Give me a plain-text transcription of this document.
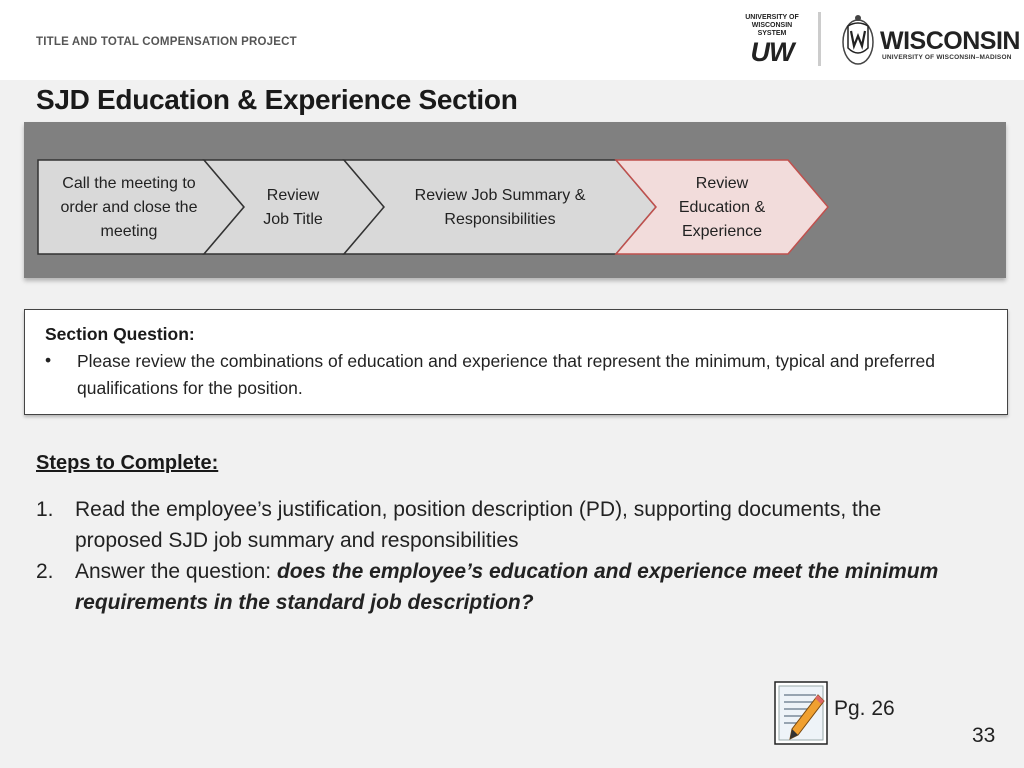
TITLE AND TOTAL COMPENSATION PROJECT
UNIVERSITY OF
WISCONSIN SYSTEM
UW	WISCONSIN
UNIVERSITY OF WISCONSIN–MADISON
SJD Education & Experience Section
Call the meeting to order and close the meeting
Review Job Title
Review Job Summary & Responsibilities
Review Education & Experience
Section Question:
• Please review the combinations of education and experience that represent the minimum, typical and preferred qualifications for the position.
Steps to Complete:
1. Read the employee’s justification, position description (PD), supporting documents, the proposed SJD job summary and responsibilities
2. Answer the question: does the employee’s education and experience meet the minimum requirements in the standard job description?
Pg. 26
33
